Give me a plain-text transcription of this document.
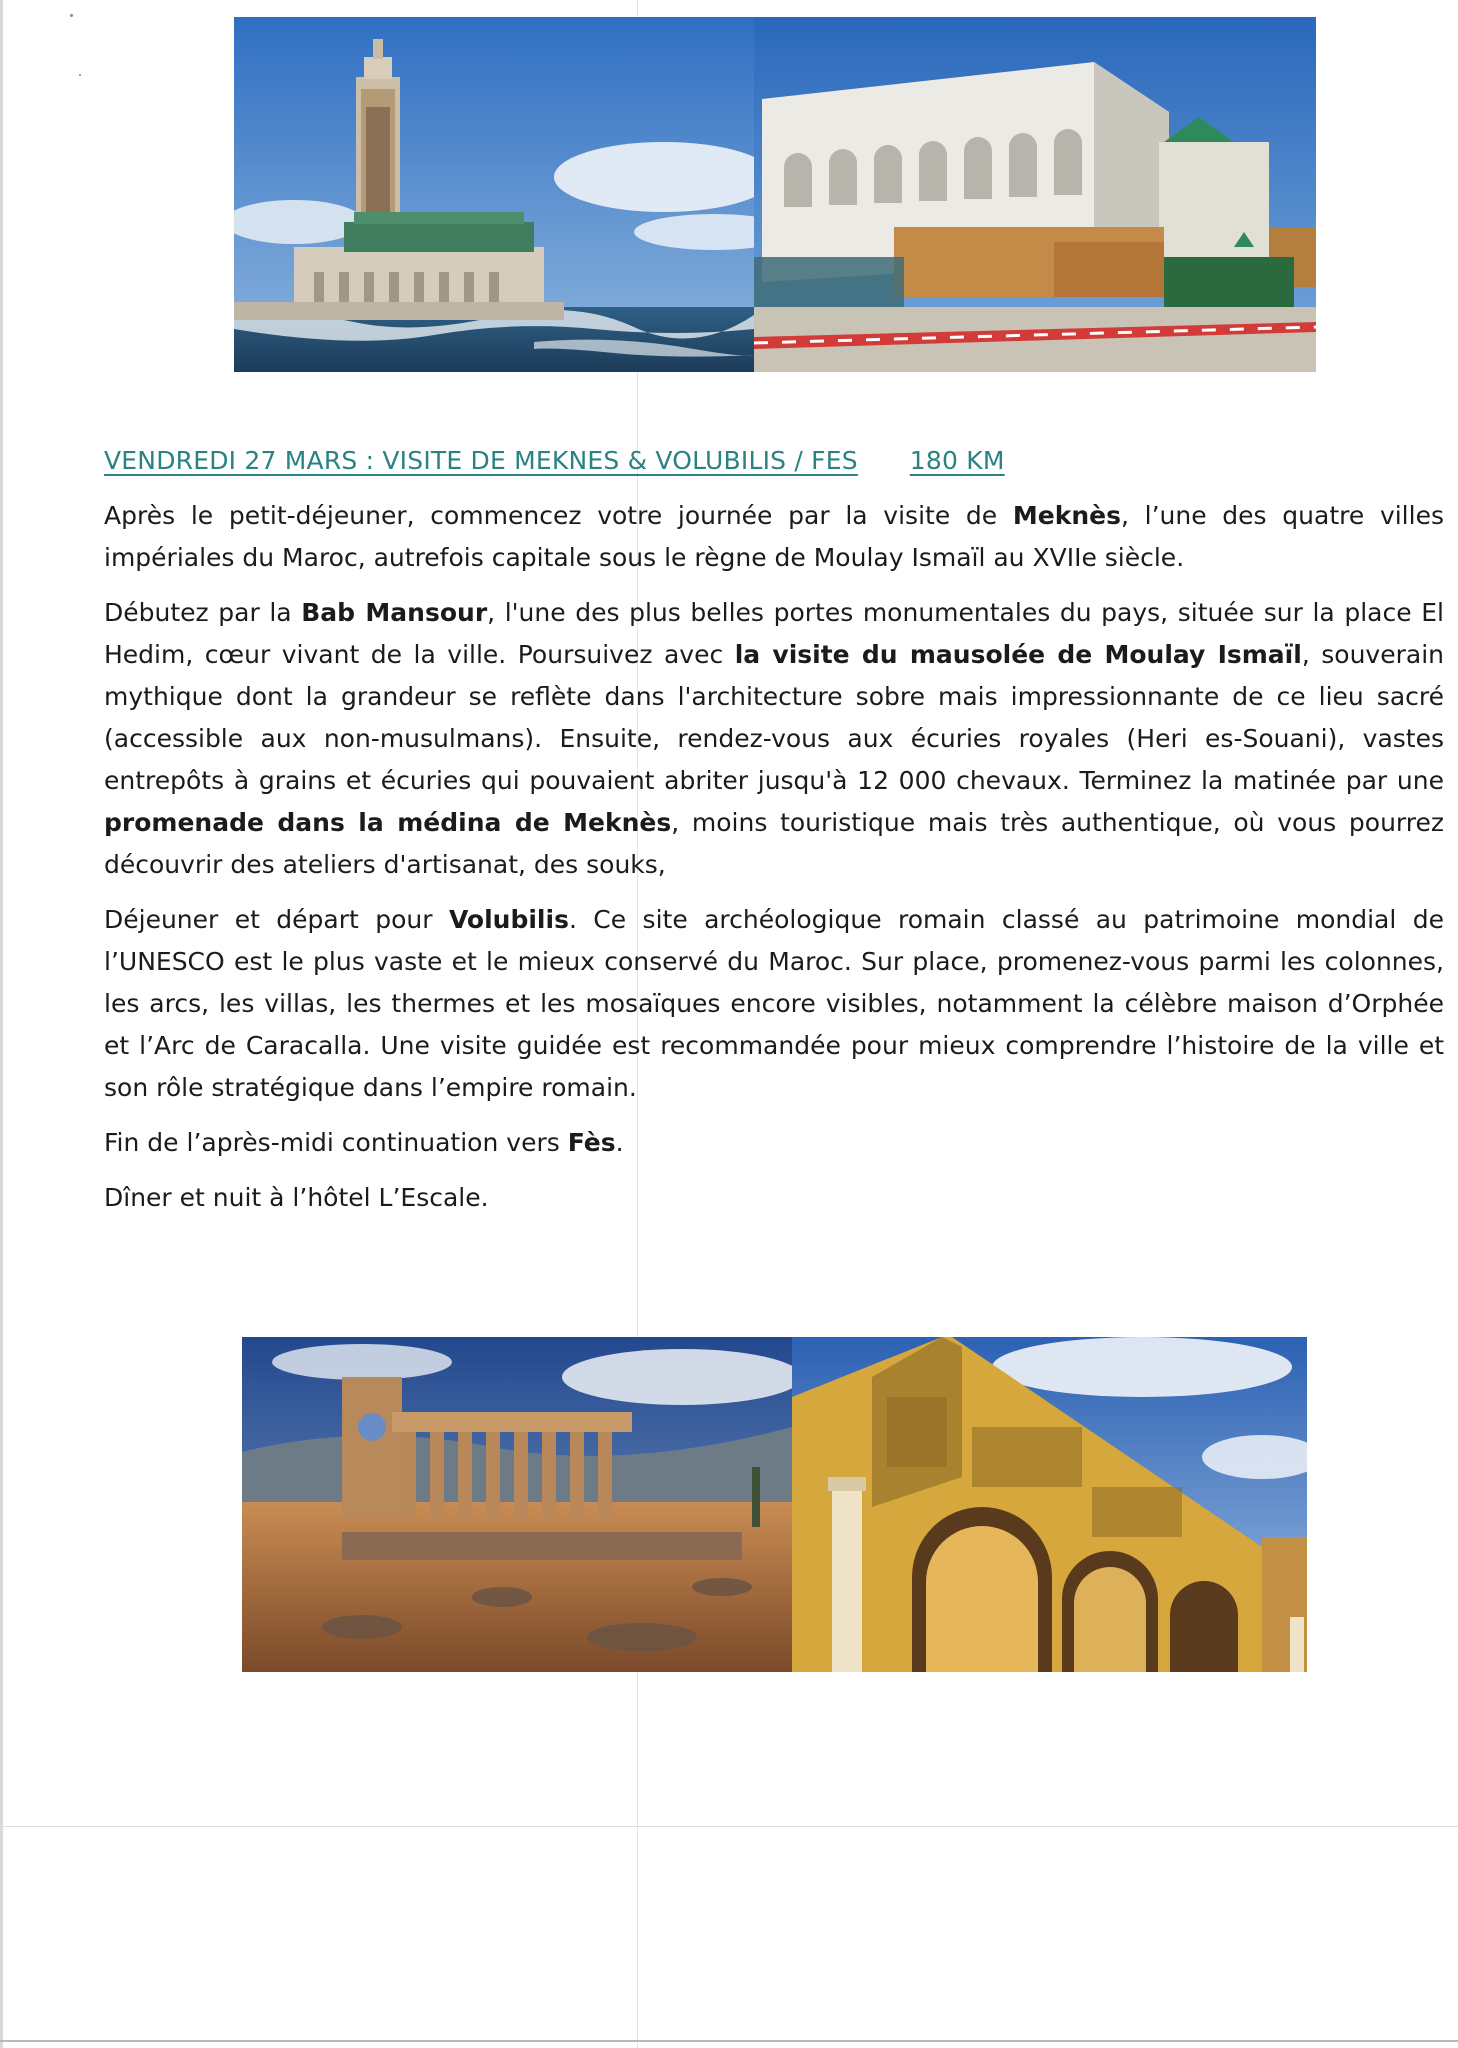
VENDREDI 27 MARS : VISITE DE MEKNES & VOLUBILIS / FES 180 KM

Après le petit-déjeuner, commencez votre journée par la visite de Meknès, l’une des quatre villes impériales du Maroc, autrefois capitale sous le règne de Moulay Ismaïl au XVIIe siècle.

Débutez par la Bab Mansour, l'une des plus belles portes monumentales du pays, située sur la place El Hedim, cœur vivant de la ville. Poursuivez avec la visite du mausolée de Moulay Ismaïl, souverain mythique dont la grandeur se reflète dans l'architecture sobre mais impressionnante de ce lieu sacré (accessible aux non-musulmans). Ensuite, rendez-vous aux écuries royales (Heri es-Souani), vastes entrepôts à grains et écuries qui pouvaient abriter jusqu'à 12 000 chevaux. Terminez la matinée par une promenade dans la médina de Meknès, moins touristique mais très authentique, où vous pourrez découvrir des ateliers d'artisanat, des souks,

Déjeuner et départ pour Volubilis. Ce site archéologique romain classé au patrimoine mondial de l’UNESCO est le plus vaste et le mieux conservé du Maroc. Sur place, promenez-vous parmi les colonnes, les arcs, les villas, les thermes et les mosaïques encore visibles, notamment la célèbre maison d’Orphée et l’Arc de Caracalla. Une visite guidée est recommandée pour mieux comprendre l’histoire de la ville et son rôle stratégique dans l’empire romain.

Fin de l’après-midi continuation vers Fès.

Dîner et nuit à l’hôtel L’Escale.
